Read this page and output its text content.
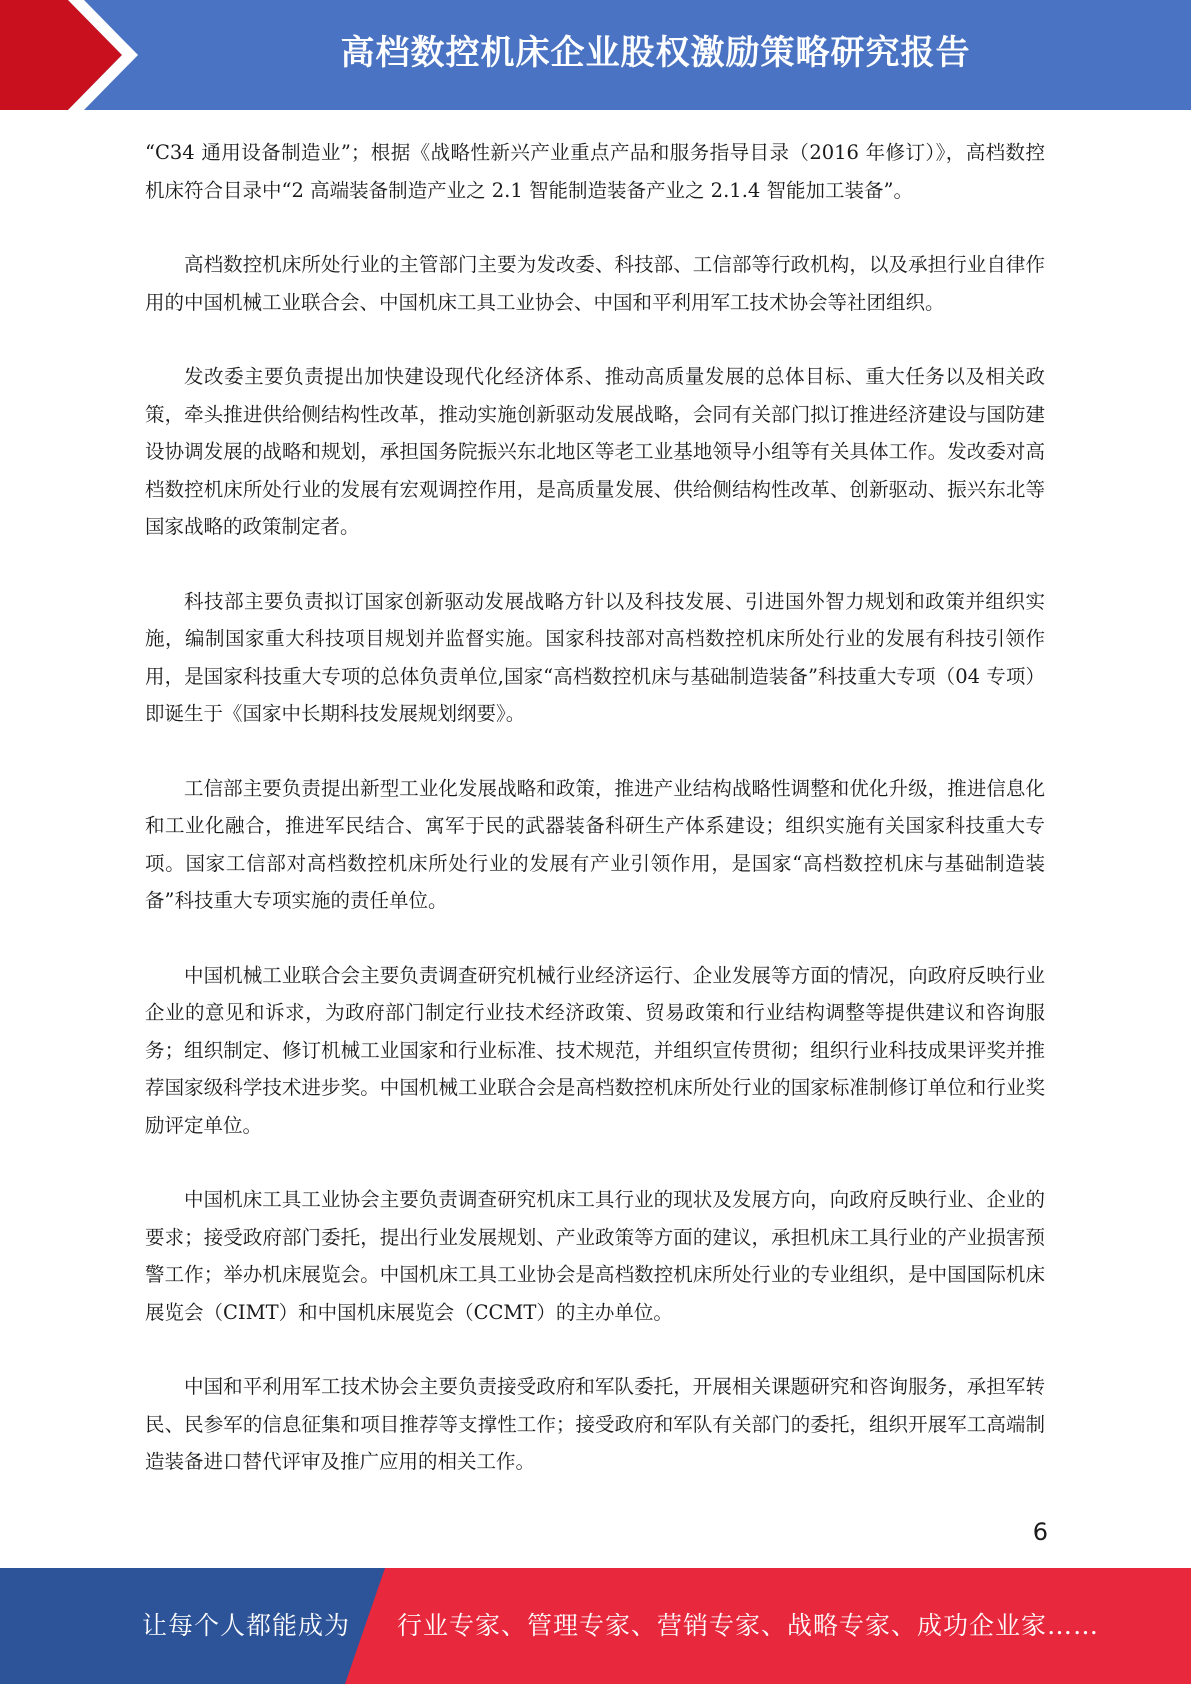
高档数控机床企业股权激励策略研究报告

“C34 通用设备制造业”；根据《战略性新兴产业重点产品和服务指导目录（2016 年修订）》，高档数控机床符合目录中“2 高端装备制造产业之 2.1 智能制造装备产业之 2.1.4 智能加工装备”。

高档数控机床所处行业的主管部门主要为发改委、科技部、工信部等行政机构，以及承担行业自律作用的中国机械工业联合会、中国机床工具工业协会、中国和平利用军工技术协会等社团组织。

发改委主要负责提出加快建设现代化经济体系、推动高质量发展的总体目标、重大任务以及相关政策，牵头推进供给侧结构性改革，推动实施创新驱动发展战略，会同有关部门拟订推进经济建设与国防建设协调发展的战略和规划，承担国务院振兴东北地区等老工业基地领导小组等有关具体工作。发改委对高档数控机床所处行业的发展有宏观调控作用，是高质量发展、供给侧结构性改革、创新驱动、振兴东北等国家战略的政策制定者。

科技部主要负责拟订国家创新驱动发展战略方针以及科技发展、引进国外智力规划和政策并组织实施，编制国家重大科技项目规划并监督实施。国家科技部对高档数控机床所处行业的发展有科技引领作用，是国家科技重大专项的总体负责单位,国家“高档数控机床与基础制造装备”科技重大专项（04 专项）即诞生于《国家中长期科技发展规划纲要》。

工信部主要负责提出新型工业化发展战略和政策，推进产业结构战略性调整和优化升级，推进信息化和工业化融合，推进军民结合、寓军于民的武器装备科研生产体系建设；组织实施有关国家科技重大专项。国家工信部对高档数控机床所处行业的发展有产业引领作用，是国家“高档数控机床与基础制造装备”科技重大专项实施的责任单位。

中国机械工业联合会主要负责调查研究机械行业经济运行、企业发展等方面的情况，向政府反映行业企业的意见和诉求，为政府部门制定行业技术经济政策、贸易政策和行业结构调整等提供建议和咨询服务；组织制定、修订机械工业国家和行业标准、技术规范，并组织宣传贯彻；组织行业科技成果评奖并推荐国家级科学技术进步奖。中国机械工业联合会是高档数控机床所处行业的国家标准制修订单位和行业奖励评定单位。

中国机床工具工业协会主要负责调查研究机床工具行业的现状及发展方向，向政府反映行业、企业的要求；接受政府部门委托，提出行业发展规划、产业政策等方面的建议，承担机床工具行业的产业损害预警工作；举办机床展览会。中国机床工具工业协会是高档数控机床所处行业的专业组织，是中国国际机床展览会（CIMT）和中国机床展览会（CCMT）的主办单位。

中国和平利用军工技术协会主要负责接受政府和军队委托，开展相关课题研究和咨询服务，承担军转民、民参军的信息征集和项目推荐等支撑性工作；接受政府和军队有关部门的委托，组织开展军工高端制造装备进口替代评审及推广应用的相关工作。

6
让每个人都能成为 行业专家、管理专家、营销专家、战略专家、成功企业家……
